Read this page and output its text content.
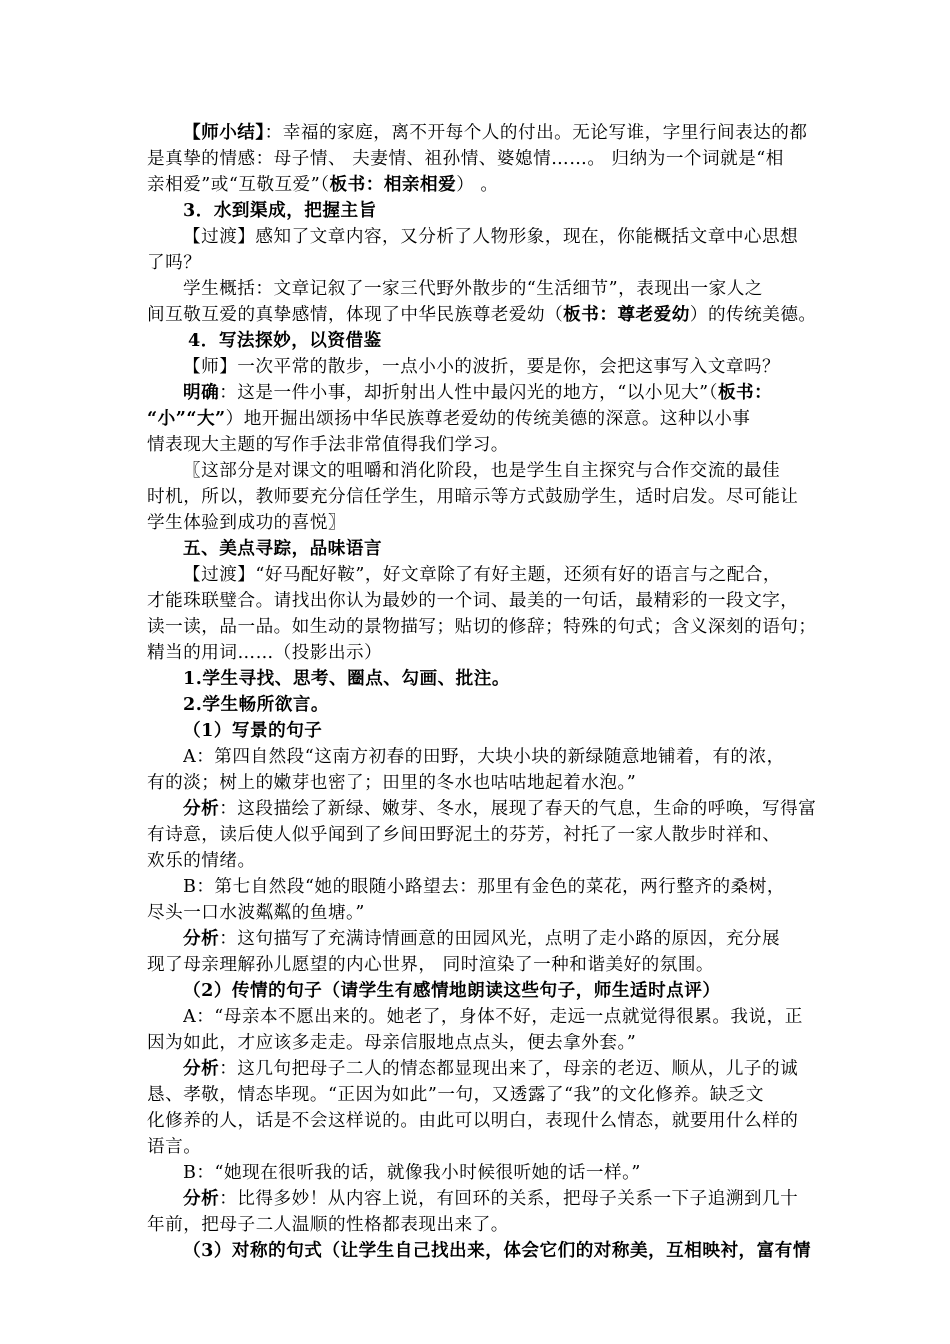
【师小结】：幸福的家庭，离不开每个人的付出。无论写谁，字里行间表达的都
是真挚的情感：母子情、 夫妻情、祖孙情、婆媳情……。 归纳为一个词就是“相
亲相爱”或“互敬互爱”（板书：相亲相爱） 。
3．水到渠成，把握主旨
【过渡】感知了文章内容，又分析了人物形象，现在，你能概括文章中心思想
了吗？
学生概括：文章记叙了一家三代野外散步的“生活细节”，表现出一家人之
间互敬互爱的真挚感情，体现了中华民族尊老爱幼（板书：尊老爱幼）的传统美德。
4．写法探妙，以资借鉴
【师】一次平常的散步，一点小小的波折，要是你，会把这事写入文章吗？
明确：这是一件小事，却折射出人性中最闪光的地方，“以小见大”（板书：
“小”“大”）地开掘出颂扬中华民族尊老爱幼的传统美德的深意。这种以小事
情表现大主题的写作手法非常值得我们学习。
〖这部分是对课文的咀嚼和消化阶段，也是学生自主探究与合作交流的最佳
时机，所以，教师要充分信任学生，用暗示等方式鼓励学生，适时启发。尽可能让
学生体验到成功的喜悦〗
五、美点寻踪，品味语言
【过渡】“好马配好鞍”，好文章除了有好主题，还须有好的语言与之配合，
才能珠联璧合。请找出你认为最妙的一个词、最美的一句话，最精彩的一段文字，
读一读，品一品。如生动的景物描写；贴切的修辞；特殊的句式；含义深刻的语句；
精当的用词……（投影出示）
1.学生寻找、思考、圈点、勾画、批注。
2.学生畅所欲言。
（1）写景的句子
A：第四自然段“这南方初春的田野，大块小块的新绿随意地铺着，有的浓，
有的淡；树上的嫩芽也密了；田里的冬水也咕咕地起着水泡。”
分析：这段描绘了新绿、嫩芽、冬水，展现了春天的气息，生命的呼唤，写得富
有诗意，读后使人似乎闻到了乡间田野泥土的芬芳，衬托了一家人散步时祥和、
欢乐的情绪。
B：第七自然段“她的眼随小路望去：那里有金色的菜花，两行整齐的桑树，
尽头一口水波粼粼的鱼塘。”
分析：这句描写了充满诗情画意的田园风光，点明了走小路的原因，充分展
现了母亲理解孙儿愿望的内心世界， 同时渲染了一种和谐美好的氛围。
（2）传情的句子（请学生有感情地朗读这些句子，师生适时点评）
A：“母亲本不愿出来的。她老了，身体不好，走远一点就觉得很累。我说，正
因为如此，才应该多走走。母亲信服地点点头，便去拿外套。”
分析：这几句把母子二人的情态都显现出来了，母亲的老迈、顺从，儿子的诚
恳、孝敬，情态毕现。“正因为如此”一句，又透露了“我”的文化修养。缺乏文
化修养的人，话是不会这样说的。由此可以明白，表现什么情态，就要用什么样的
语言。
B：“她现在很听我的话，就像我小时候很听她的话一样。”
分析：比得多妙！从内容上说，有回环的关系，把母子关系一下子追溯到几十
年前，把母子二人温顺的性格都表现出来了。
（3）对称的句式（让学生自己找出来，体会它们的对称美，互相映衬，富有情
